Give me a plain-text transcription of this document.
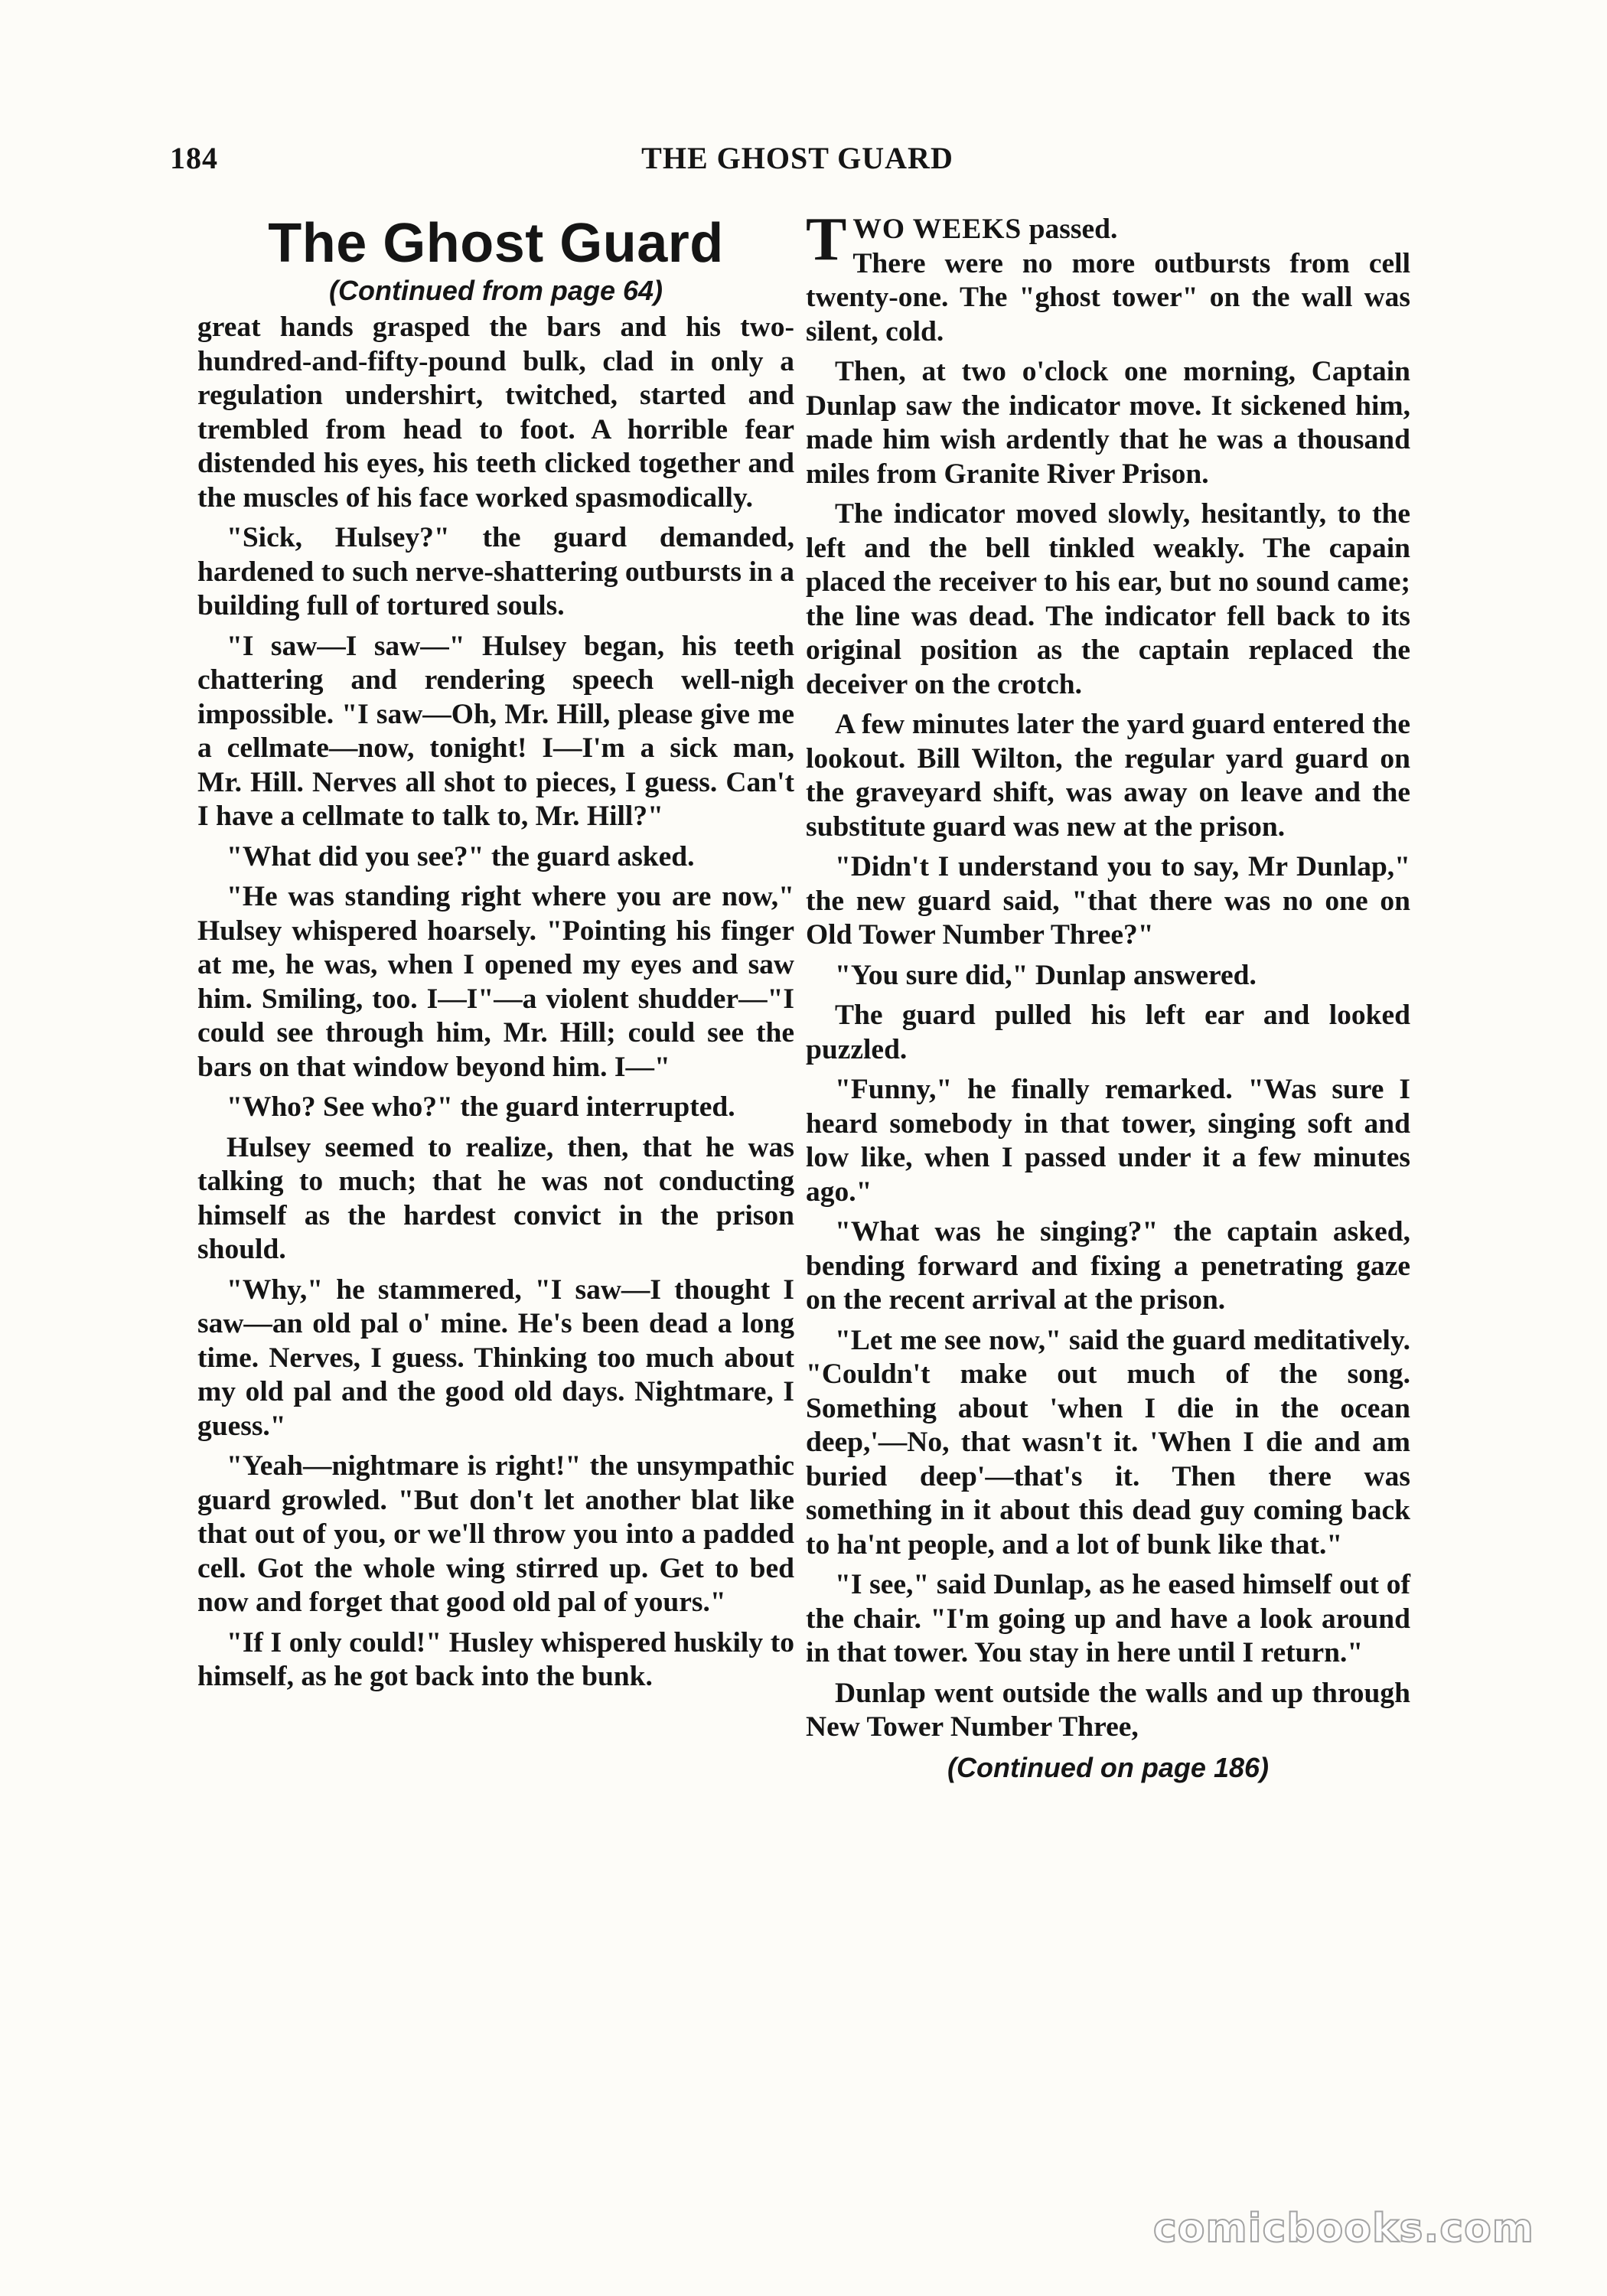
184	THE GHOST GUARD
The Ghost Guard
(Continued from page 64)

great hands grasped the bars and his two-hundred-and-fifty-pound bulk, clad in only a regulation undershirt, twitched, started and trembled from head to foot. A horrible fear distended his eyes, his teeth clicked together and the muscles of his face worked spasmodically.

"Sick, Hulsey?" the guard demanded, hardened to such nerve-shattering outbursts in a building full of tortured souls.

"I saw—I saw—" Hulsey began, his teeth chattering and rendering speech well-nigh impossible. "I saw—Oh, Mr. Hill, please give me a cellmate—now, tonight! I—I'm a sick man, Mr. Hill. Nerves all shot to pieces, I guess. Can't I have a cellmate to talk to, Mr. Hill?"

"What did you see?" the guard asked.

"He was standing right where you are now," Hulsey whispered hoarsely. "Pointing his finger at me, he was, when I opened my eyes and saw him. Smiling, too. I—I"—a violent shudder—"I could see through him, Mr. Hill; could see the bars on that window beyond him. I—"

"Who? See who?" the guard interrupted.

Hulsey seemed to realize, then, that he was talking to much; that he was not conducting himself as the hardest convict in the prison should.

"Why," he stammered, "I saw—I thought I saw—an old pal o' mine. He's been dead a long time. Nerves, I guess. Thinking too much about my old pal and the good old days. Nightmare, I guess."

"Yeah—nightmare is right!" the unsympathic guard growled. "But don't let another blat like that out of you, or we'll throw you into a padded cell. Got the whole wing stirred up. Get to bed now and forget that good old pal of yours."

"If I only could!" Husley whispered huskily to himself, as he got back into the bunk.

TWO WEEKS passed.
There were no more outbursts from cell twenty-one. The "ghost tower" on the wall was silent, cold.

Then, at two o'clock one morning, Captain Dunlap saw the indicator move. It sickened him, made him wish ardently that he was a thousand miles from Granite River Prison.

The indicator moved slowly, hesitantly, to the left and the bell tinkled weakly. The capain placed the receiver to his ear, but no sound came; the line was dead. The indicator fell back to its original position as the captain replaced the deceiver on the crotch.

A few minutes later the yard guard entered the lookout. Bill Wilton, the regular yard guard on the graveyard shift, was away on leave and the substitute guard was new at the prison.

"Didn't I understand you to say, Mr Dunlap," the new guard said, "that there was no one on Old Tower Number Three?"

"You sure did," Dunlap answered.

The guard pulled his left ear and looked puzzled.

"Funny," he finally remarked. "Was sure I heard somebody in that tower, singing soft and low like, when I passed under it a few minutes ago."

"What was he singing?" the captain asked, bending forward and fixing a penetrating gaze on the recent arrival at the prison.

"Let me see now," said the guard meditatively. "Couldn't make out much of the song. Something about 'when I die in the ocean deep,'—No, that wasn't it. 'When I die and am buried deep'—that's it. Then there was something in it about this dead guy coming back to ha'nt people, and a lot of bunk like that."

"I see," said Dunlap, as he eased himself out of the chair. "I'm going up and have a look around in that tower. You stay in here until I return."

Dunlap went outside the walls and up through New Tower Number Three,

(Continued on page 186)
comicbooks.com
